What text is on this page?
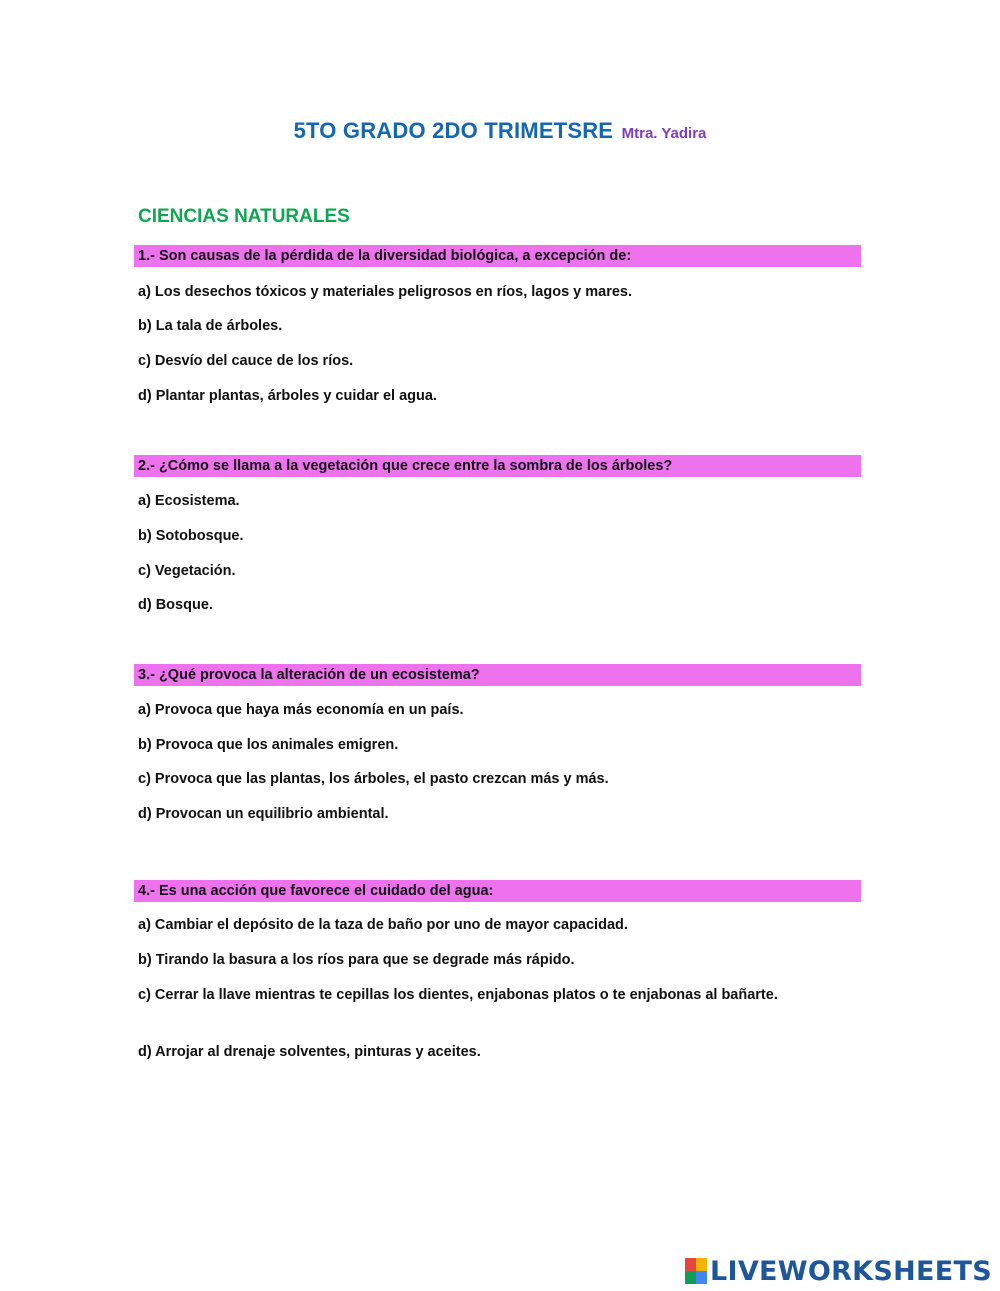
5TO GRADO 2DO TRIMETSRE Mtra. Yadira
CIENCIAS NATURALES
1.- Son causas de la pérdida de la diversidad biológica, a excepción de:
a) Los desechos tóxicos y materiales peligrosos en ríos, lagos y mares.
b) La tala de árboles.
c) Desvío del cauce de los ríos.
d) Plantar plantas, árboles y cuidar el agua.
2.- ¿Cómo se llama a la vegetación que crece entre la sombra de los árboles?
a) Ecosistema.
b) Sotobosque.
c) Vegetación.
d) Bosque.
3.- ¿Qué provoca la alteración de un ecosistema?
a) Provoca que haya más economía en un país.
b) Provoca que los animales emigren.
c) Provoca que las plantas, los árboles, el pasto crezcan más y más.
d) Provocan un equilibrio ambiental.
4.- Es una acción que favorece el cuidado del agua:
a) Cambiar el depósito de la taza de baño por uno de mayor capacidad.
b) Tirando la basura a los ríos para que se degrade más rápido.
c) Cerrar la llave mientras te cepillas los dientes, enjabonas platos o te enjabonas al bañarte.
d) Arrojar al drenaje solventes, pinturas y aceites.
LIVEWORKSHEETS
